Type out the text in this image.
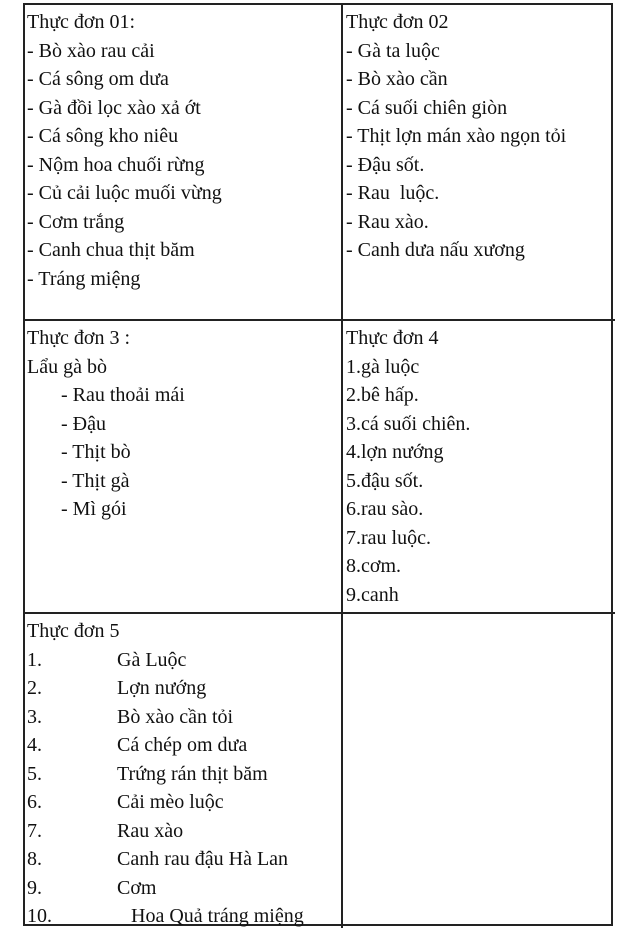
Thực đơn 01:
- Bò xào rau cải
- Cá sông om dưa
- Gà đồi lọc xào xả ớt
- Cá sông kho niêu
- Nộm hoa chuối rừng
- Củ cải luộc muối vừng
- Cơm trắng
- Canh chua thịt băm
- Tráng miệng
Thực đơn 02
- Gà ta luộc
- Bò xào cần
- Cá suối chiên giòn
- Thịt lợn mán xào ngọn tỏi
- Đậu sốt.
- Rau  luộc.
- Rau xào.
- Canh dưa nấu xương
Thực đơn 3 :
Lẩu gà bò
- Rau thoải mái
- Đậu
- Thịt bò
- Thịt gà
- Mì gói
Thực đơn 4
1.gà luộc
2.bê hấp.
3.cá suối chiên.
4.lợn nướng
5.đậu sốt.
6.rau sào.
7.rau luộc.
8.cơm.
9.canh
Thực đơn 5
1.	Gà Luộc
2.	Lợn nướng
3.	Bò xào cần tỏi
4.	Cá chép om dưa
5.	Trứng rán thịt băm
6.	Cải mèo luộc
7.	Rau xào
8.	Canh rau đậu Hà Lan
9.	Cơm
10.	Hoa Quả tráng miệng
